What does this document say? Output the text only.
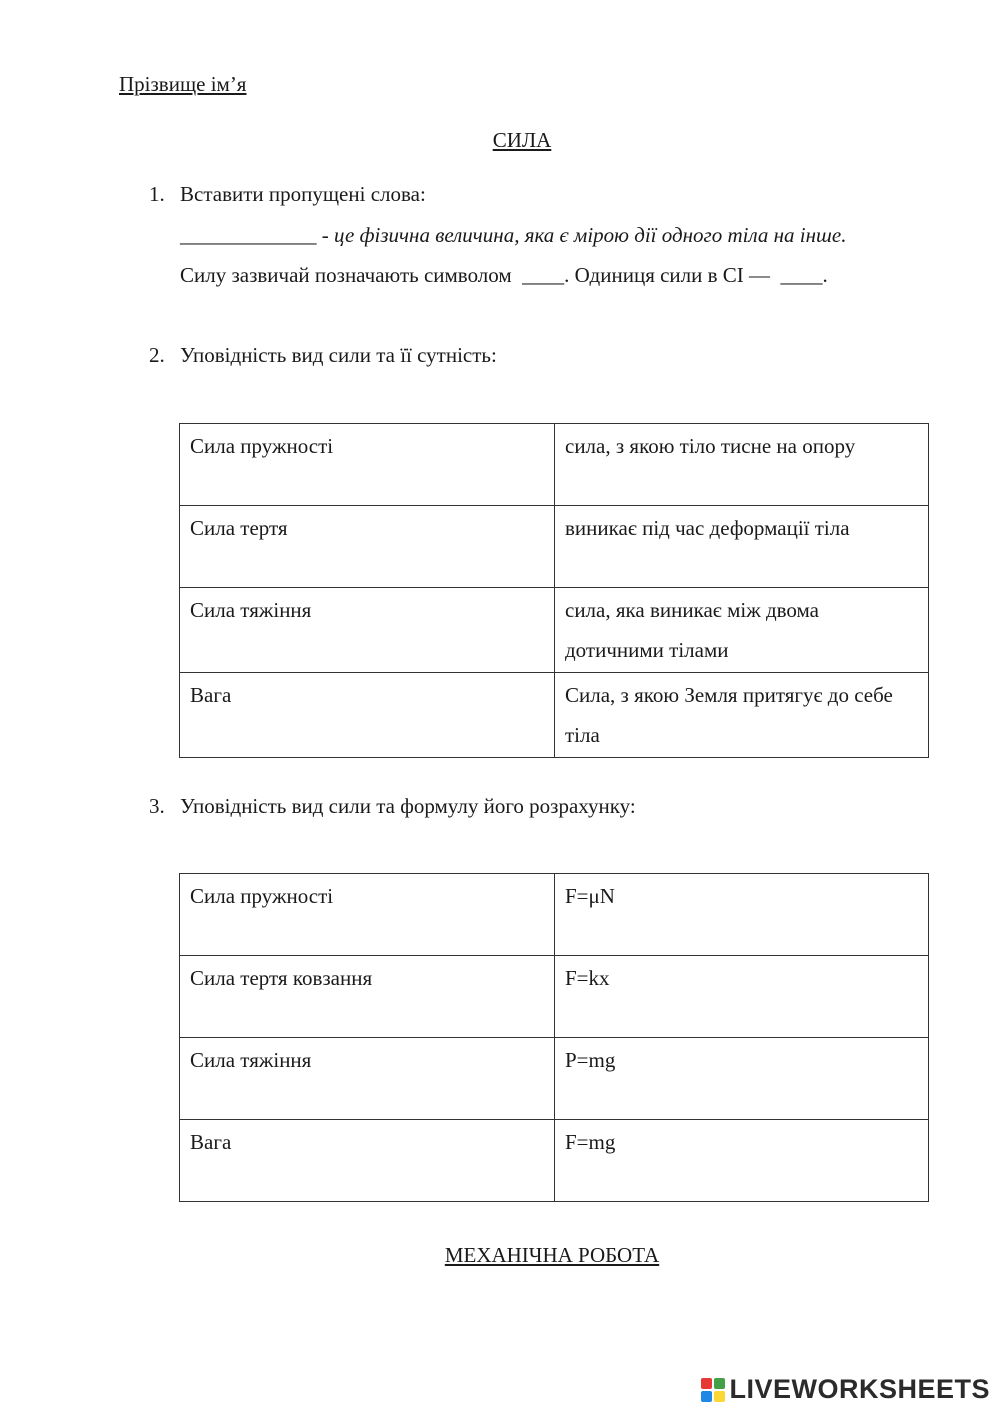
Прізвище ім’я
СИЛА
1. Вставити пропущені слова:
_____________ - це фізична величина, яка є мірою дії одного тіла на інше.
Силу зазвичай позначають символом  ____. Одиниця сили в СІ —  ____.
2. Уповідність вид сили та її сутність:
Сила пружності	сила, з якою тіло тисне на опору
Сила тертя	виникає під час деформації тіла
Сила тяжіння	сила, яка виникає між двома дотичними тілами
Вага	Сила, з якою Земля притягує до себе тіла
3. Уповідність вид сили та формулу його розрахунку:
Сила пружності	F=μN
Сила тертя ковзання	F=kx
Сила тяжіння	P=mg
Вага	F=mg
МЕХАНІЧНА РОБОТА
LIVEWORKSHEETS
